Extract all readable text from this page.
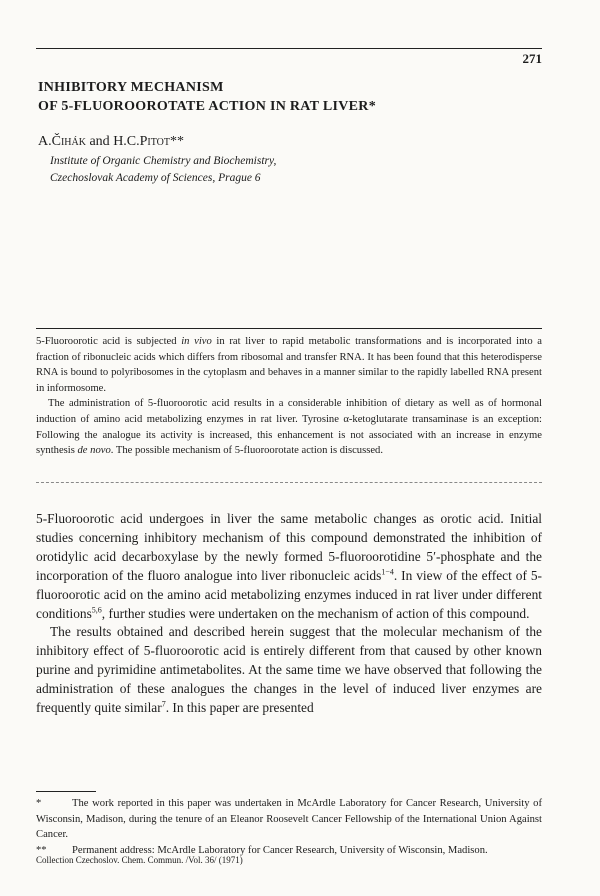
271
INHIBITORY MECHANISM
OF 5-FLUOROOROTATE ACTION IN RAT LIVER*
A.Čihák and H.C.Pitot**
Institute of Organic Chemistry and Biochemistry,
Czechoslovak Academy of Sciences, Prague 6

5-Fluoroorotic acid is subjected in vivo in rat liver to rapid metabolic transformations and is incorporated into a fraction of ribonucleic acids which differs from ribosomal and transfer RNA. It has been found that this heterodisperse RNA is bound to polyribosomes in the cytoplasm and behaves in a manner similar to the rapidly labelled RNA present in informosome.

The administration of 5-fluoroorotic acid results in a considerable inhibition of dietary as well as of hormonal induction of amino acid metabolizing enzymes in rat liver. Tyrosine α-ketoglutarate transaminase is an exception: Following the analogue its activity is increased, this enhancement is not associated with an increase in enzyme synthesis de novo. The possible mechanism of 5-fluoroorotate action is discussed.

5-Fluoroorotic acid undergoes in liver the same metabolic changes as orotic acid. Initial studies concerning inhibitory mechanism of this compound demonstrated the inhibition of orotidylic acid decarboxylase by the newly formed 5-fluoroorotidine 5′-phosphate and the incorporation of the fluoro analogue into liver ribonucleic acids$^{1-4}$. In view of the effect of 5-fluoroorotic acid on the amino acid metabolizing enzymes induced in rat liver under different conditions$^{5,6}$, further studies were undertaken on the mechanism of action of this compound.

The results obtained and described herein suggest that the molecular mechanism of the inhibitory effect of 5-fluoroorotic acid is entirely different from that caused by other known purine and pyrimidine antimetabolites. At the same time we have observed that following the administration of these analogues the changes in the level of induced liver enzymes are frequently quite similar$^7$. In this paper are presented

*	The work reported in this paper was undertaken in McArdle Laboratory for Cancer Research, University of Wisconsin, Madison, during the tenure of an Eleanor Roosevelt Cancer Fellowship of the International Union Against Cancer.

** Permanent address: McArdle Laboratory for Cancer Research, University of Wisconsin, Madison.

Collection Czechoslov. Chem. Commun. /Vol. 36/ (1971)
